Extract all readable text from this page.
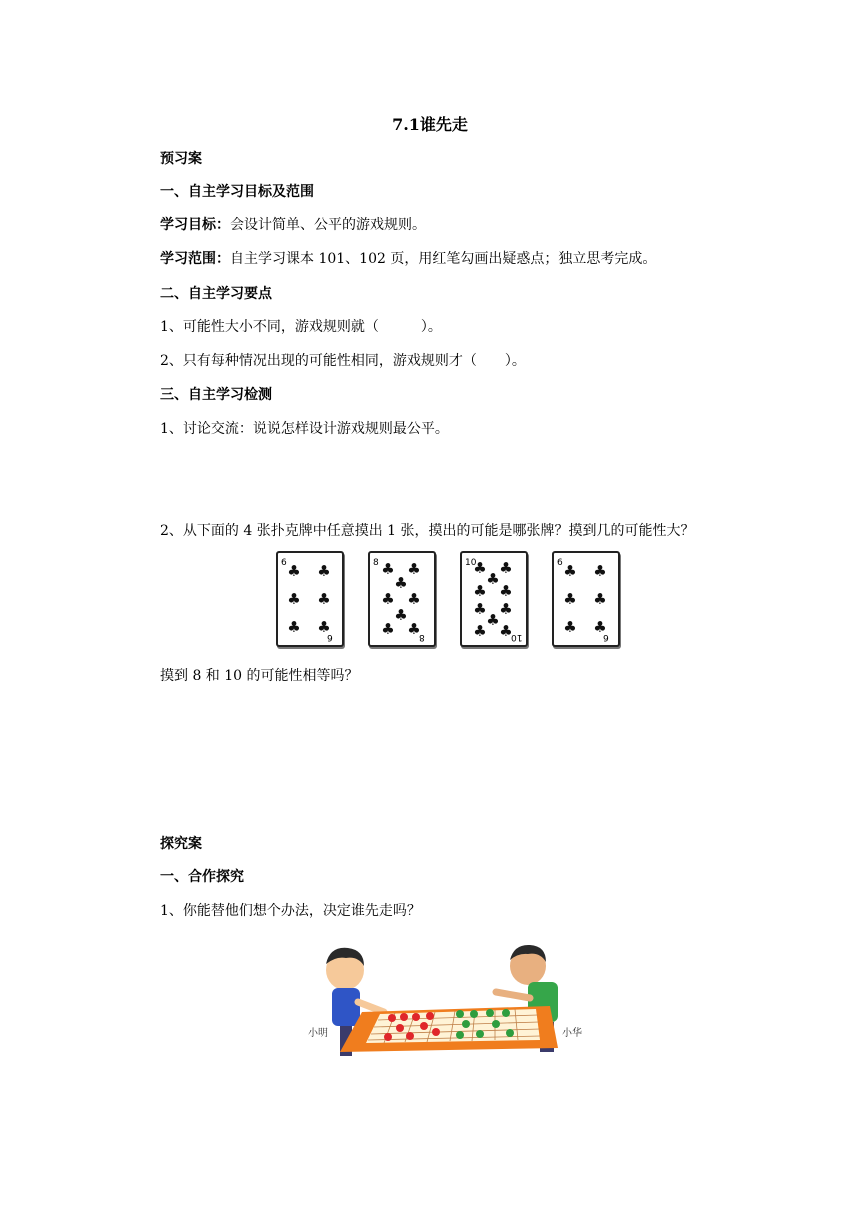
7.1谁先走
预习案
一、自主学习目标及范围
学习目标：会设计简单、公平的游戏规则。
学习范围：自主学习课本 101、102 页，用红笔勾画出疑惑点；独立思考完成。
二、自主学习要点
1、可能性大小不同，游戏规则就（　　　）。
2、只有每种情况出现的可能性相同，游戏规则才（　　）。
三、自主学习检测
1、讨论交流：说说怎样设计游戏规则最公平。
2、从下面的 4 张扑克牌中任意摸出 1 张，摸出的可能是哪张牌？摸到几的可能性大？
6
6
♣ ♣
♣ ♣
♣ ♣
8
8
♣ ♣
♣
♣ ♣
♣
♣ ♣
10
10
♣ ♣
♣
♣ ♣
♣ ♣
♣
♣ ♣
6
6
♣ ♣
♣ ♣
♣ ♣
摸到 8 和 10 的可能性相等吗？
探究案
一、合作探究
1、你能替他们想个办法，决定谁先走吗？
小明	小华
